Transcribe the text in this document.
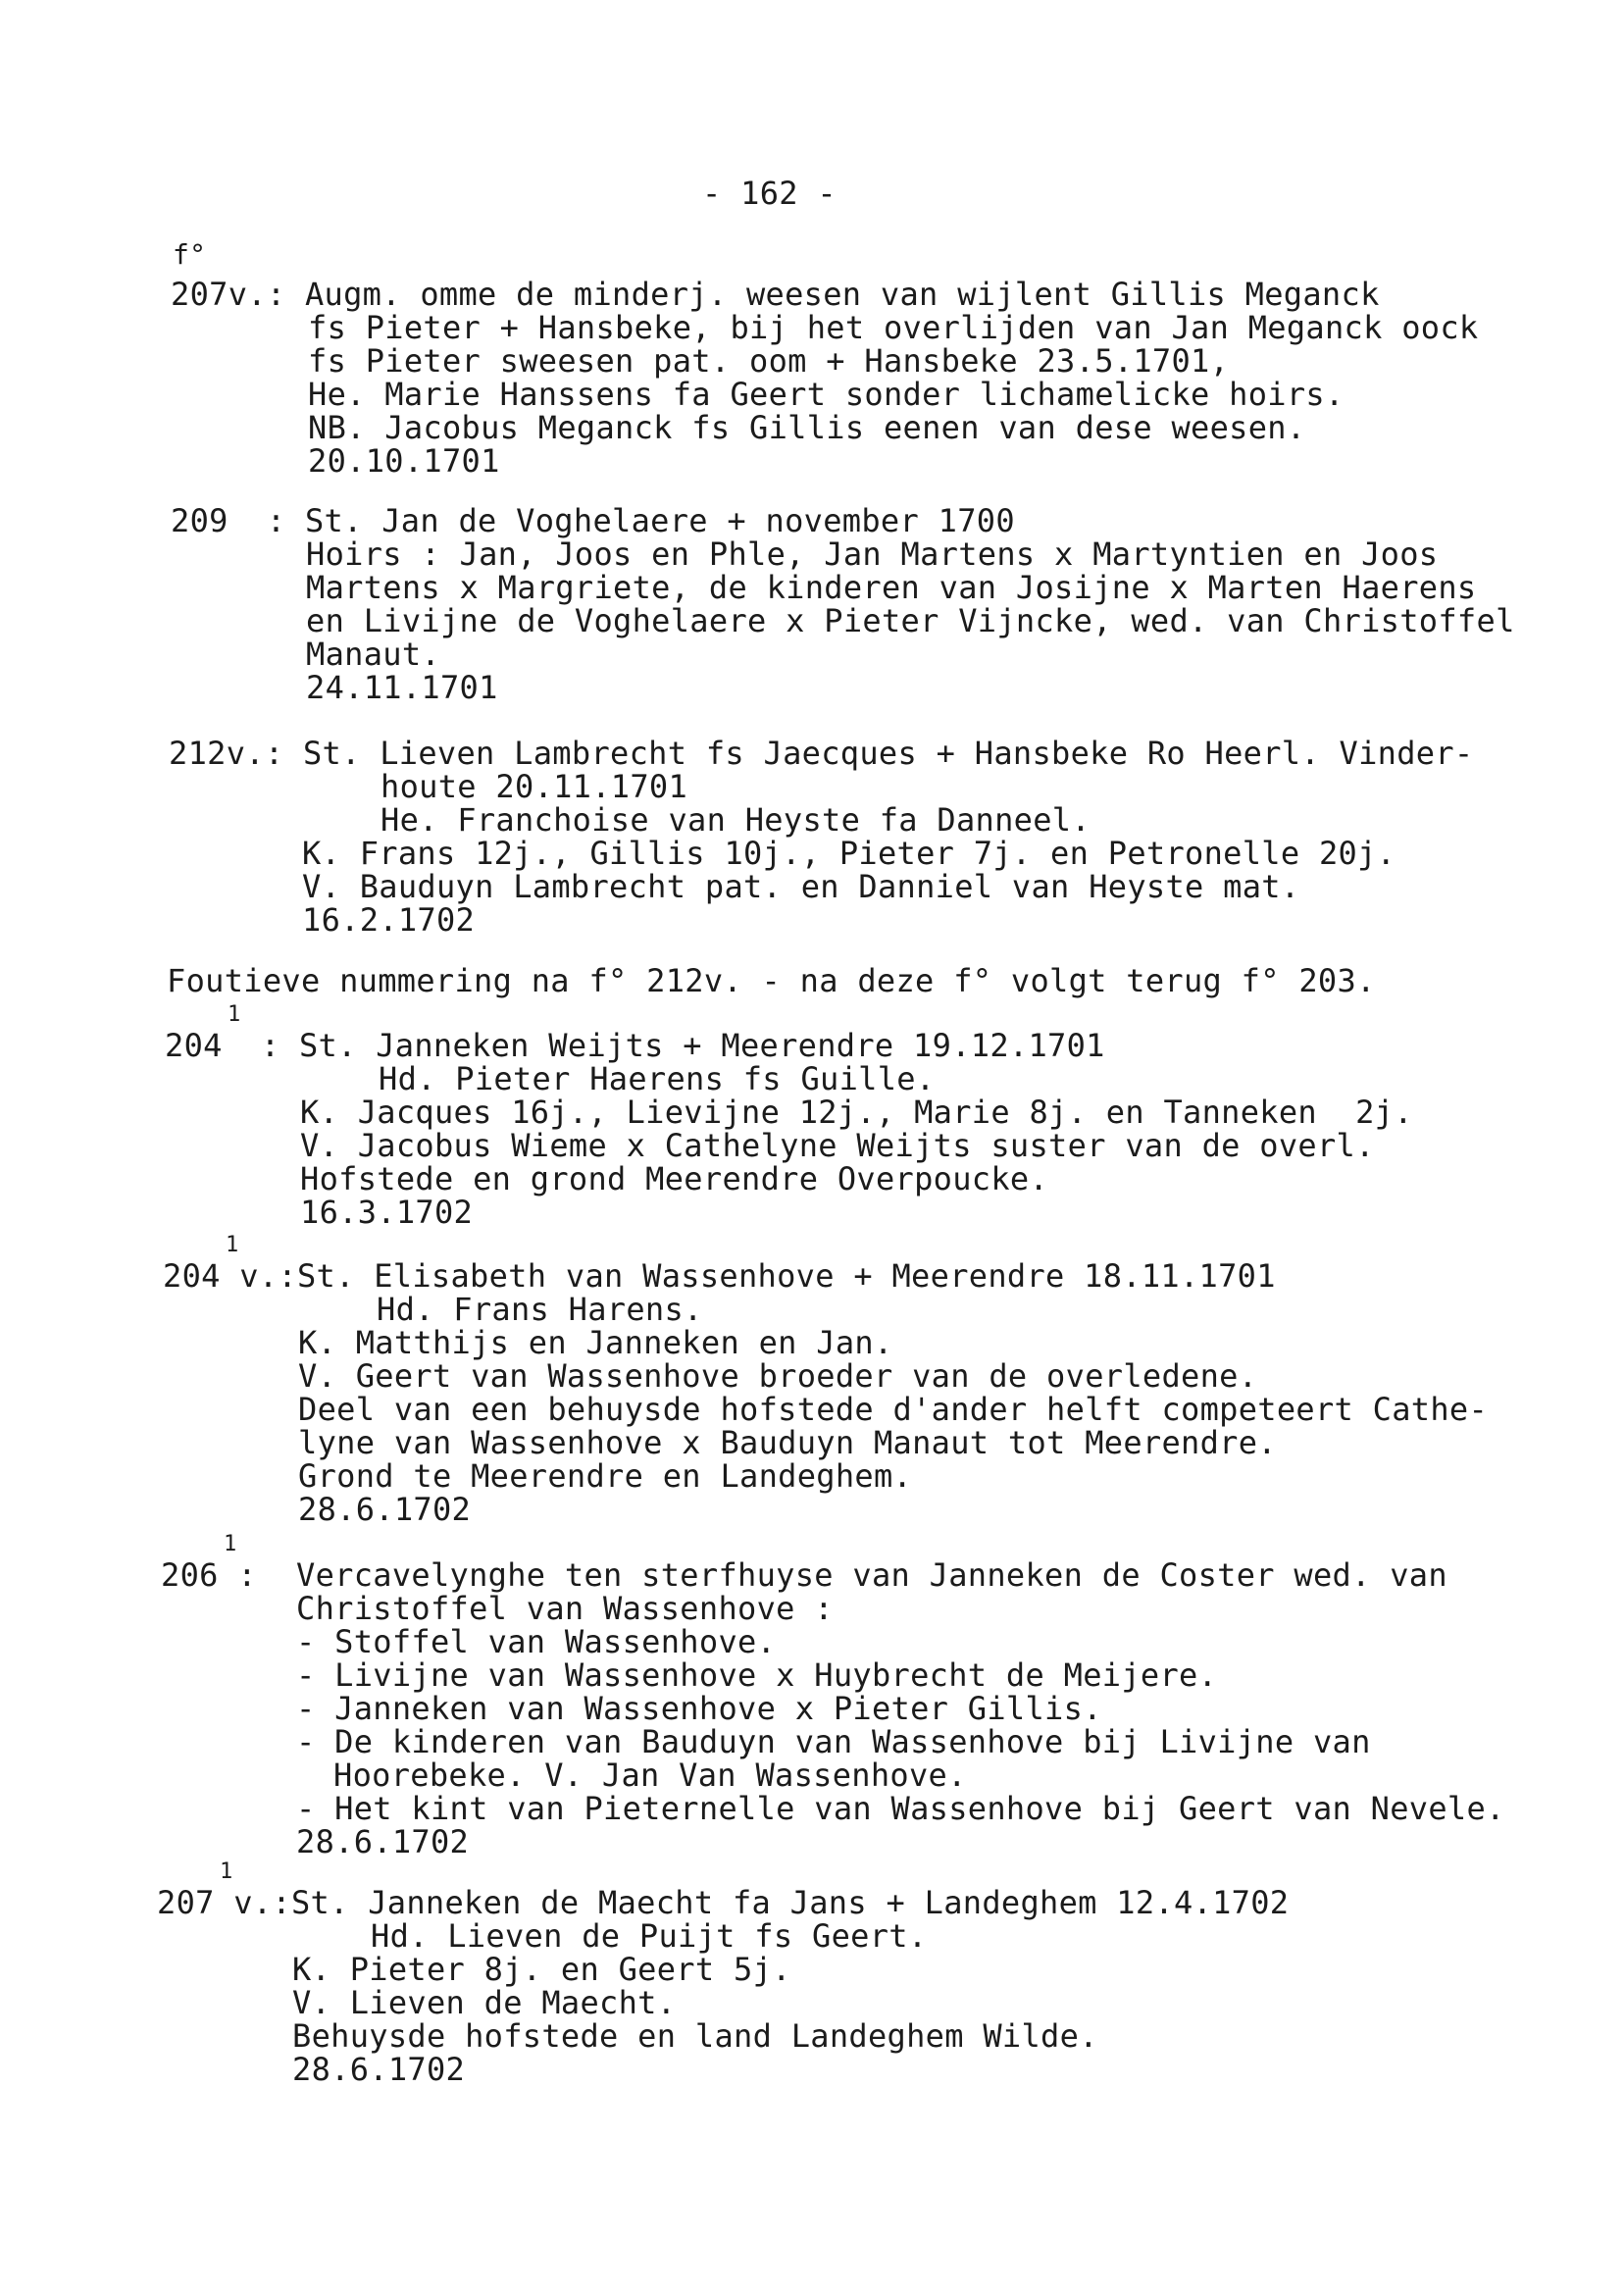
- 162 -
f°
207v.: Augm. omme de minderj. weesen van wijlent Gillis Meganck
fs Pieter + Hansbeke, bij het overlijden van Jan Meganck oock
fs Pieter sweesen pat. oom + Hansbeke 23.5.1701,
He. Marie Hanssens fa Geert sonder lichamelicke hoirs.
NB. Jacobus Meganck fs Gillis eenen van dese weesen.
20.10.1701
209  : St. Jan de Voghelaere + november 1700
Hoirs : Jan, Joos en Phle, Jan Martens x Martyntien en Joos
Martens x Margriete, de kinderen van Josijne x Marten Haerens
en Livijne de Voghelaere x Pieter Vijncke, wed. van Christoffel
Manaut.
24.11.1701
212v.: St. Lieven Lambrecht fs Jaecques + Hansbeke Ro Heerl. Vinder-
houte 20.11.1701
He. Franchoise van Heyste fa Danneel.
K. Frans 12j., Gillis 10j., Pieter 7j. en Petronelle 20j.
V. Bauduyn Lambrecht pat. en Danniel van Heyste mat.
16.2.1702
Foutieve nummering na f° 212v. - na deze f° volgt terug f° 203.
1
204  : St. Janneken Weijts + Meerendre 19.12.1701
Hd. Pieter Haerens fs Guille.
K. Jacques 16j., Lievijne 12j., Marie 8j. en Tanneken  2j.
V. Jacobus Wieme x Cathelyne Weijts suster van de overl.
Hofstede en grond Meerendre Overpoucke.
16.3.1702
1
204 v.:St. Elisabeth van Wassenhove + Meerendre 18.11.1701
Hd. Frans Harens.
K. Matthijs en Janneken en Jan.
V. Geert van Wassenhove broeder van de overledene.
Deel van een behuysde hofstede d'ander helft competeert Cathe-
lyne van Wassenhove x Bauduyn Manaut tot Meerendre.
Grond te Meerendre en Landeghem.
28.6.1702
1
206 : Vercavelynghe ten sterfhuyse van Janneken de Coster wed. van
Christoffel van Wassenhove :
- Stoffel van Wassenhove.
- Livijne van Wassenhove x Huybrecht de Meijere.
- Janneken van Wassenhove x Pieter Gillis.
- De kinderen van Bauduyn van Wassenhove bij Livijne van
Hoorebeke. V. Jan Van Wassenhove.
- Het kint van Pieternelle van Wassenhove bij Geert van Nevele.
28.6.1702
1
207 v.:St. Janneken de Maecht fa Jans + Landeghem 12.4.1702
Hd. Lieven de Puijt fs Geert.
K. Pieter 8j. en Geert 5j.
V. Lieven de Maecht.
Behuysde hofstede en land Landeghem Wilde.
28.6.1702
